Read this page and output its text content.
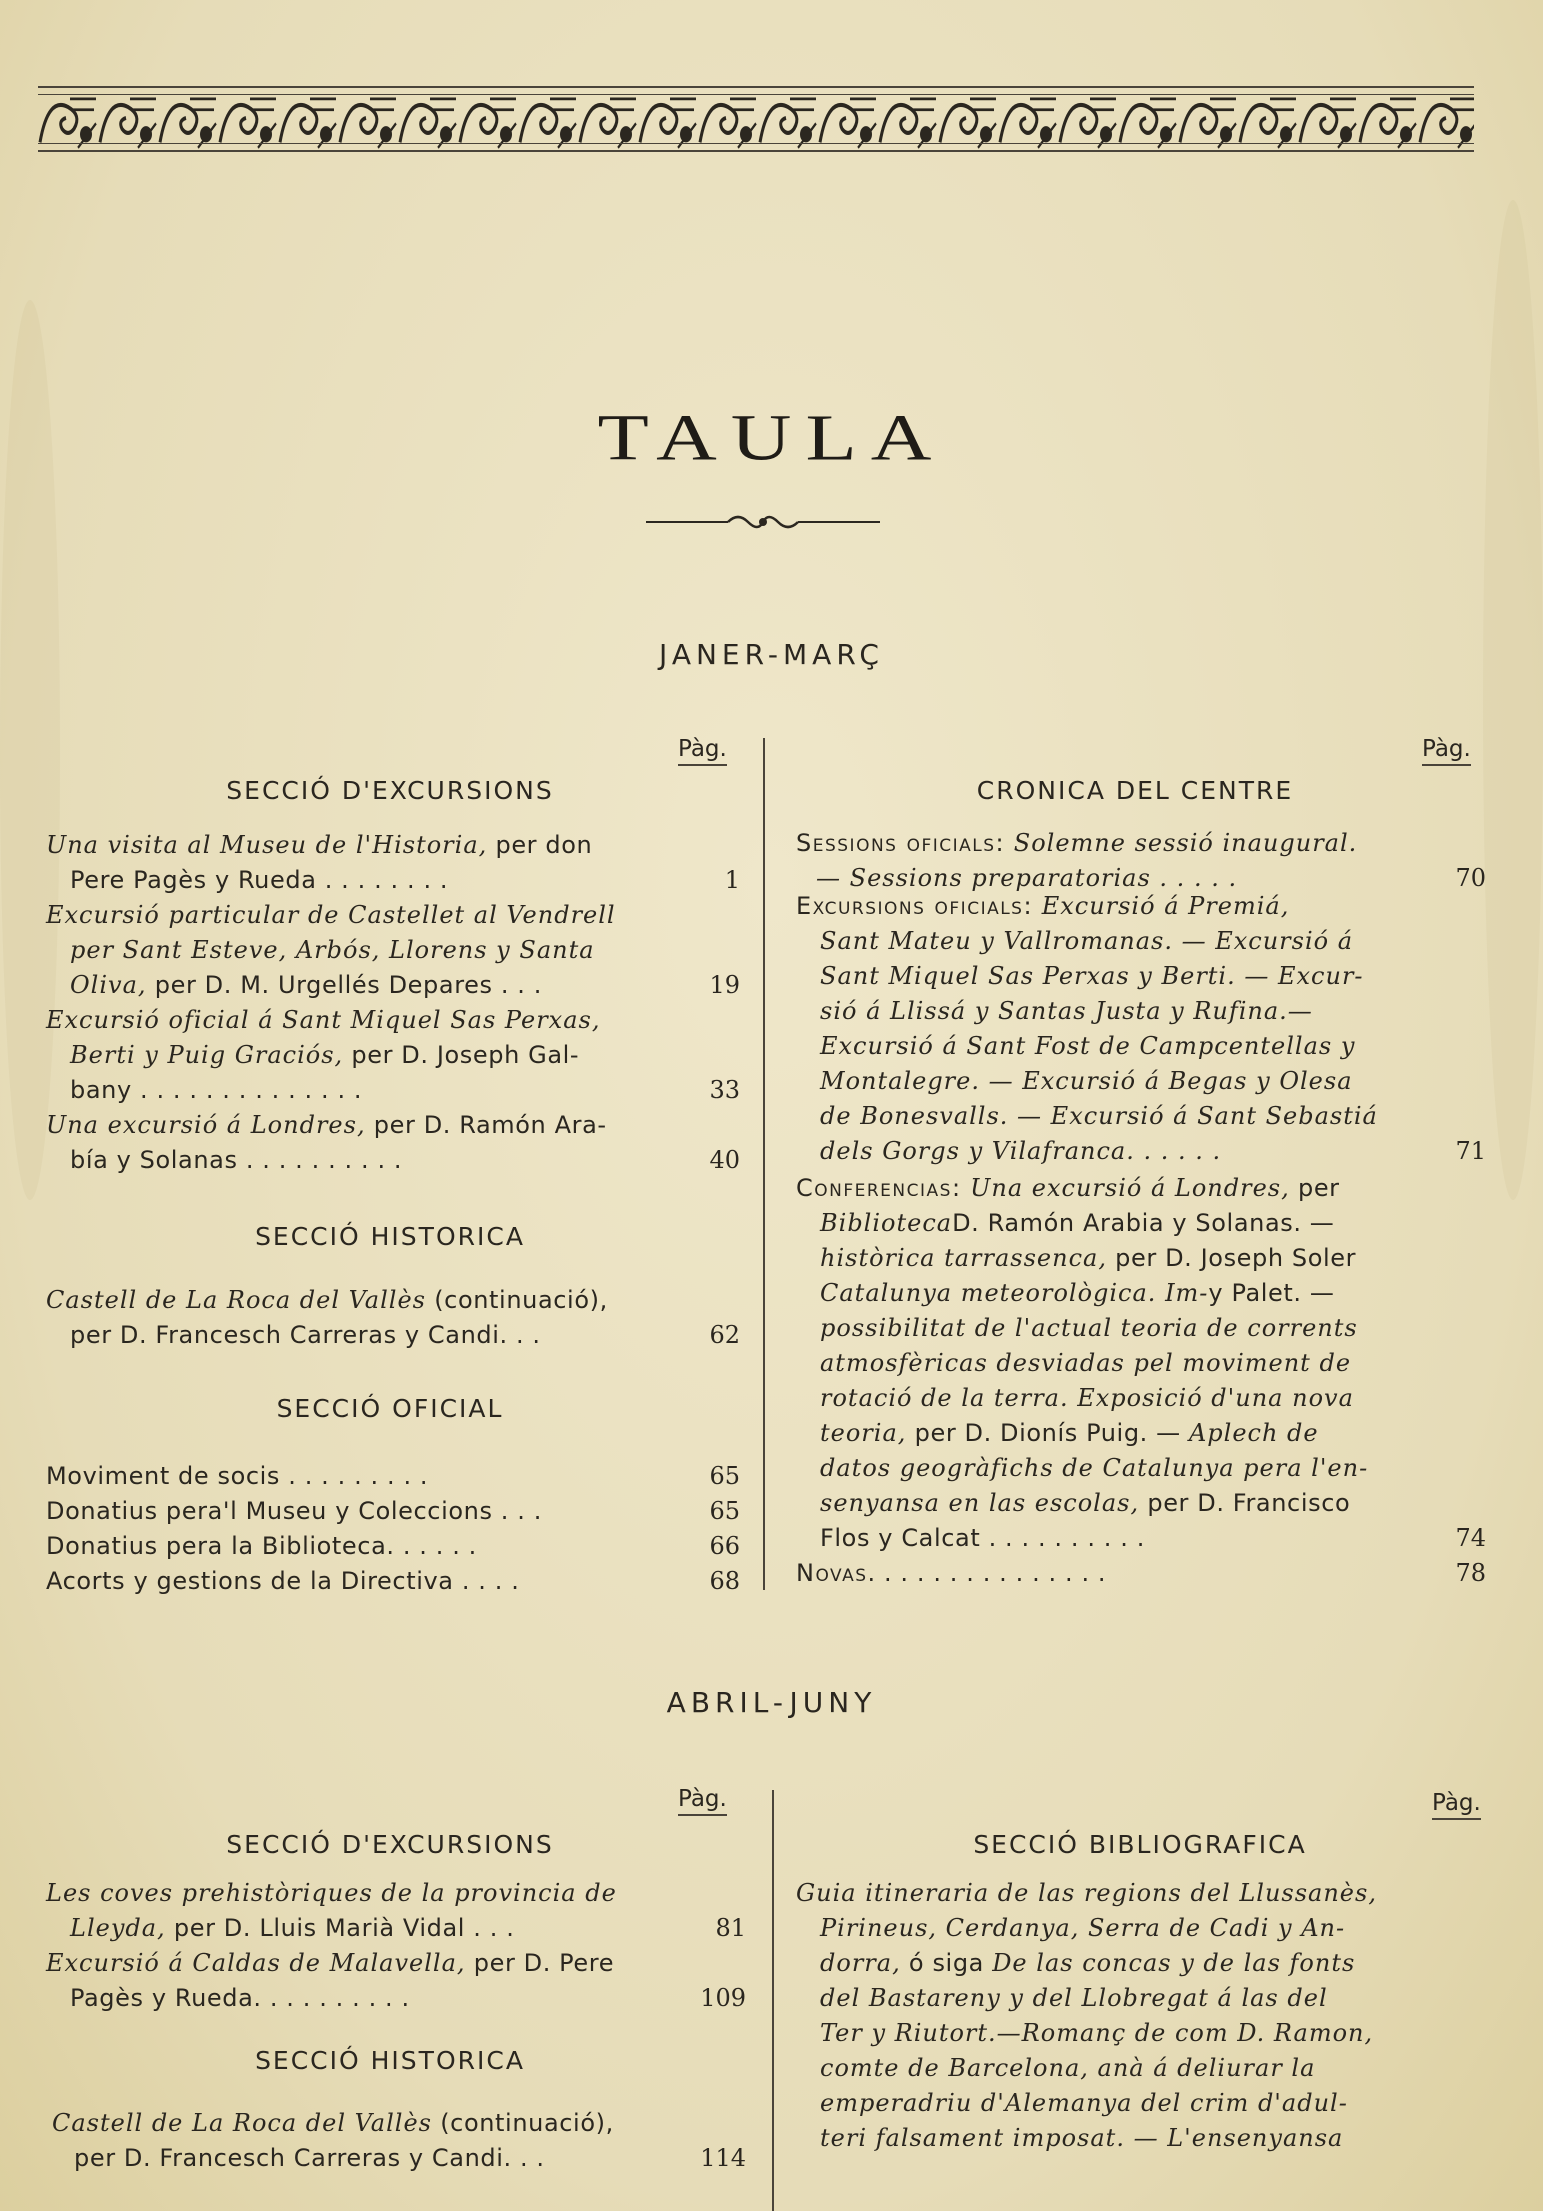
TAULA
JANER-MARÇ
Pàg.	Pàg.
SECCIÓ D'EXCURSIONS	CRONICA DEL CENTRE
Una visita al Museu de l'Historia, per don
Pere Pagès y Rueda . . . . . . . .	1
Excursió particular de Castellet al Vendrell
per Sant Esteve, Arbós, Llorens y Santa
Oliva, per D. M. Urgellés Depares . . .	19
Excursió oficial á Sant Miquel Sas Perxas,
Berti y Puig Graciós, per D. Joseph Gal-
bany . . . . . . . . . . . . . .	33
Una excursió á Londres, per D. Ramón Ara-
bía y Solanas . . . . . . . . . .	40
Castell de La Roca del Vallès (continuació),
per D. Francesch Carreras y Candi. . .	62
Moviment de socis . . . . . . . . .	65
Donatius pera'l Museu y Coleccions . . .	65
Donatius pera la Biblioteca. . . . . .	66
Acorts y gestions de la Directiva . . . .	68
SECCIÓ HISTORICA
SECCIÓ OFICIAL
Sessions oficials: Solemne sessió inaugural.
— Sessions preparatorias . . . . .	70
Excursions oficials: Excursió á Premiá,
Sant Mateu y Vallromanas. — Excursió á
Sant Miquel Sas Perxas y Berti. — Excur-
sió á Llissá y Santas Justa y Rufina.—
Excursió á Sant Fost de Campcentellas y
Montalegre. — Excursió á Begas y Olesa
de Bonesvalls. — Excursió á Sant Sebastiá
dels Gorgs y Vilafranca. . . . . .	71
Conferencias: Una excursió á Londres, per
BibliotecaD. Ramón Arabia y Solanas. —
històrica tarrassenca, per D. Joseph Soler
Catalunya meteorològica. Im-y Palet. —
possibilitat de l'actual teoria de corrents
atmosfèricas desviadas pel moviment de
rotació de la terra. Exposició d'una nova
teoria, per D. Dionís Puig. — Aplech de
datos geogràfichs de Catalunya pera l'en-
senyansa en las escolas, per D. Francisco
Flos y Calcat . . . . . . . . . .	74
Novas. . . . . . . . . . . . . . .	78
ABRIL-JUNY
Pàg.	Pàg.
SECCIÓ D'EXCURSIONS	SECCIÓ BIBLIOGRAFICA
SECCIÓ HISTORICA
Les coves prehistòriques de la provincia de
Lleyda, per D. Lluis Marià Vidal . . .	81
Excursió á Caldas de Malavella, per D. Pere
Pagès y Rueda. . . . . . . . . .	109
Castell de La Roca del Vallès (continuació),
per D. Francesch Carreras y Candi. . .	114
Guia itineraria de las regions del Llussanès,
Pirineus, Cerdanya, Serra de Cadi y An-
dorra, ó siga De las concas y de las fonts
del Bastareny y del Llobregat á las del
Ter y Riutort.—Romanç de com D. Ramon,
comte de Barcelona, anà á deliurar la
emperadriu d'Alemanya del crim d'adul-
teri falsament imposat. — L'ensenyansa
